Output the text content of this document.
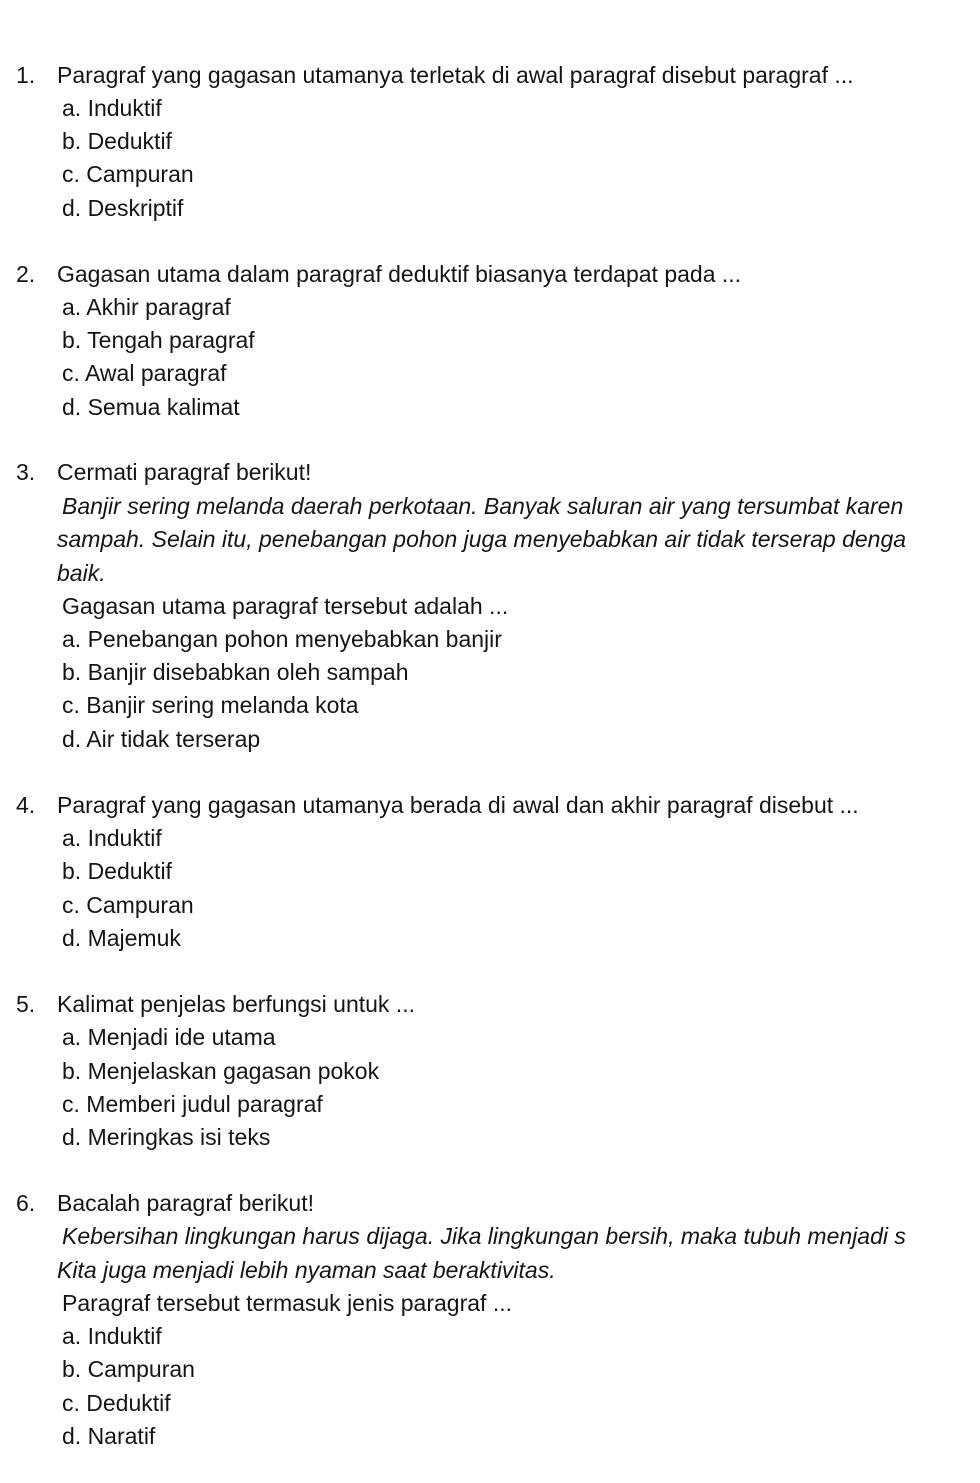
1. Paragraf yang gagasan utamanya terletak di awal paragraf disebut paragraf ...
a. Induktif
b. Deduktif
c. Campuran
d. Deskriptif
2. Gagasan utama dalam paragraf deduktif biasanya terdapat pada ...
a. Akhir paragraf
b. Tengah paragraf
c. Awal paragraf
d. Semua kalimat
3. Cermati paragraf berikut!
Banjir sering melanda daerah perkotaan. Banyak saluran air yang tersumbat karen
sampah. Selain itu, penebangan pohon juga menyebabkan air tidak terserap denga
baik.
Gagasan utama paragraf tersebut adalah ...
a. Penebangan pohon menyebabkan banjir
b. Banjir disebabkan oleh sampah
c. Banjir sering melanda kota
d. Air tidak terserap
4. Paragraf yang gagasan utamanya berada di awal dan akhir paragraf disebut ...
a. Induktif
b. Deduktif
c. Campuran
d. Majemuk
5. Kalimat penjelas berfungsi untuk ...
a. Menjadi ide utama
b. Menjelaskan gagasan pokok
c. Memberi judul paragraf
d. Meringkas isi teks
6. Bacalah paragraf berikut!
Kebersihan lingkungan harus dijaga. Jika lingkungan bersih, maka tubuh menjadi s
Kita juga menjadi lebih nyaman saat beraktivitas.
Paragraf tersebut termasuk jenis paragraf ...
a. Induktif
b. Campuran
c. Deduktif
d. Naratif
